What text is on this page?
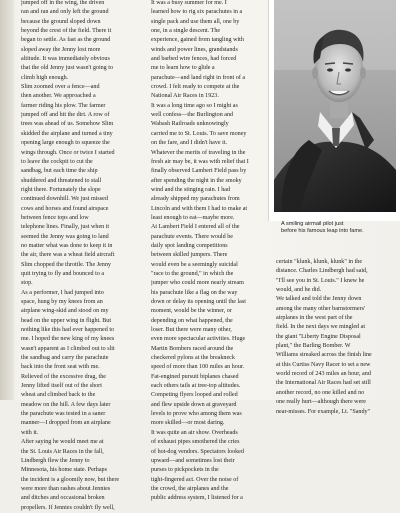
jumped off in the wing, the driven
ran and ran and only left the ground
because the ground sloped down
beyond the crest of the field. There it
began to settle. As fast as the ground
sloped away the Jenny lost more
altitude. It was immediately obvious
that the old Jenny just wasn't going to
climb high enough.
Slim zoomed over a fence—and
then another. We approached a
farmer riding his plow. The farmer
jumped off and hit the dirt. A row of
trees was ahead of us. Somehow Slim
skidded the airplane and turned a tiny
opening large enough to squeeze the
wings through. Once or twice I started
to leave the cockpit to cut the
sandbag, but each time the ship
shuddered and threatened to stall
right there. Fortunately the slope
continued downhill. We just missed
cows and horses and found airspace
between fence tops and low
telephone lines. Finally, just when it
seemed the Jenny was going to land
no matter what was done to keep it in
the air, there was a wheat field aircraft
Slim chopped the throttle. The Jenny
quit trying to fly and bounced to a
stop.
As a performer, I had jumped into
space, hung by my knees from an
airplane wing-skid and stood on my
head on the upper wing in flight. But
nothing like this had ever happened to
me. I hoped the new king of my knees
wasn't apparent as I climbed out to slit
the sandbag and carry the parachute
back into the front seat with me.
Relieved of the excessive drag, the
Jenny lifted itself out of the short
wheat and climbed back to the
meadow on the hill. A few days later
the parachute was tested in a saner
manner—I dropped from an airplane
with it.
After saying he would meet me at
the St. Louis Air Races in the fall,
Lindbergh flew the Jenny to
Minnesota, his home state. Perhaps
the incident is a gloomily now, but there
were more than rashes about Jennies
and ditches and occasional broken
propellers. If Jennies couldn't fly well,
It was a busy summer for me. I
learned how to rig six parachutes in a
single pack and use them all, one by
one, in a single descent. The
experience, gained from tangling with
winds and power lines, grandstands
and barbed wire fences, had forced
me to learn how to glide a
parachute—and land right in front of a
crowd. I felt ready to compete at the
National Air Races in 1923.
It was a long time ago so I might as
well confess—the Burlington and
Wabash Railroads unknowingly
carried me to St. Louis. To save money
on the fare, and I didn't have it.
Whatever the merits of traveling in the
fresh air may be, it was with relief that I
finally observed Lambert Field pass by
after spending the night in the smoky
wind and the stinging rain. I had
already shipped my parachutes from
Lincoln and with them I had to make at
least enough to eat—maybe more.
At Lambert Field I entered all of the
parachute events. There would be
daily spot landing competitions
between skilled jumpers. There
would even be a seemingly suicidal
"race to the ground," in which the
jumper who could more nearly stream
his parachute like a flag on the way
down or delay its opening until the last
moment, would be the winner, or
depending on what happened, the
loser. But there were many other,
even more spectacular activities. Huge
Martin Bombers raced around the
checkered pylons at the breakneck
speed of more than 100 miles an hour.
Fat-engined pursuit biplanes chased
each others tails at tree-top altitudes.
Competing flyers looped and rolled
and flew upside down at graveyard
levels to prove who among them was
more skilled—or most daring.
It was quite an air show. Overheads
of exhaust pipes smothered the cries
of hot-dog vendors. Spectators looked
upward—and sometimes lost their
purses to pickpockets in the
tight-fingered act. Over the noise of
the crowd, the airplanes and the
public address system, I listened for a
certain "klunk, klunk, klunk" in the
distance. Charles Lindbergh had said,
"I'll see you in St. Louis." I knew he
would, and he did.
We talked and told the Jenny down
among the many other barnstormers'
airplanes in the west part of the
field. In the next days we mingled at
the giant "Liberty Engine Disposal
plant," the Barling Bomber. W
Williams streaked across the finish line
at this Curtiss Navy Racer to set a new
world record of 243 miles an hour, and
the International Air Races had set still
another record, no one killed and no
one really hurt—although there were
near-misses. For example, Lt. "Sandy"
A smiling airmail pilot just
before his famous leap into fame.
